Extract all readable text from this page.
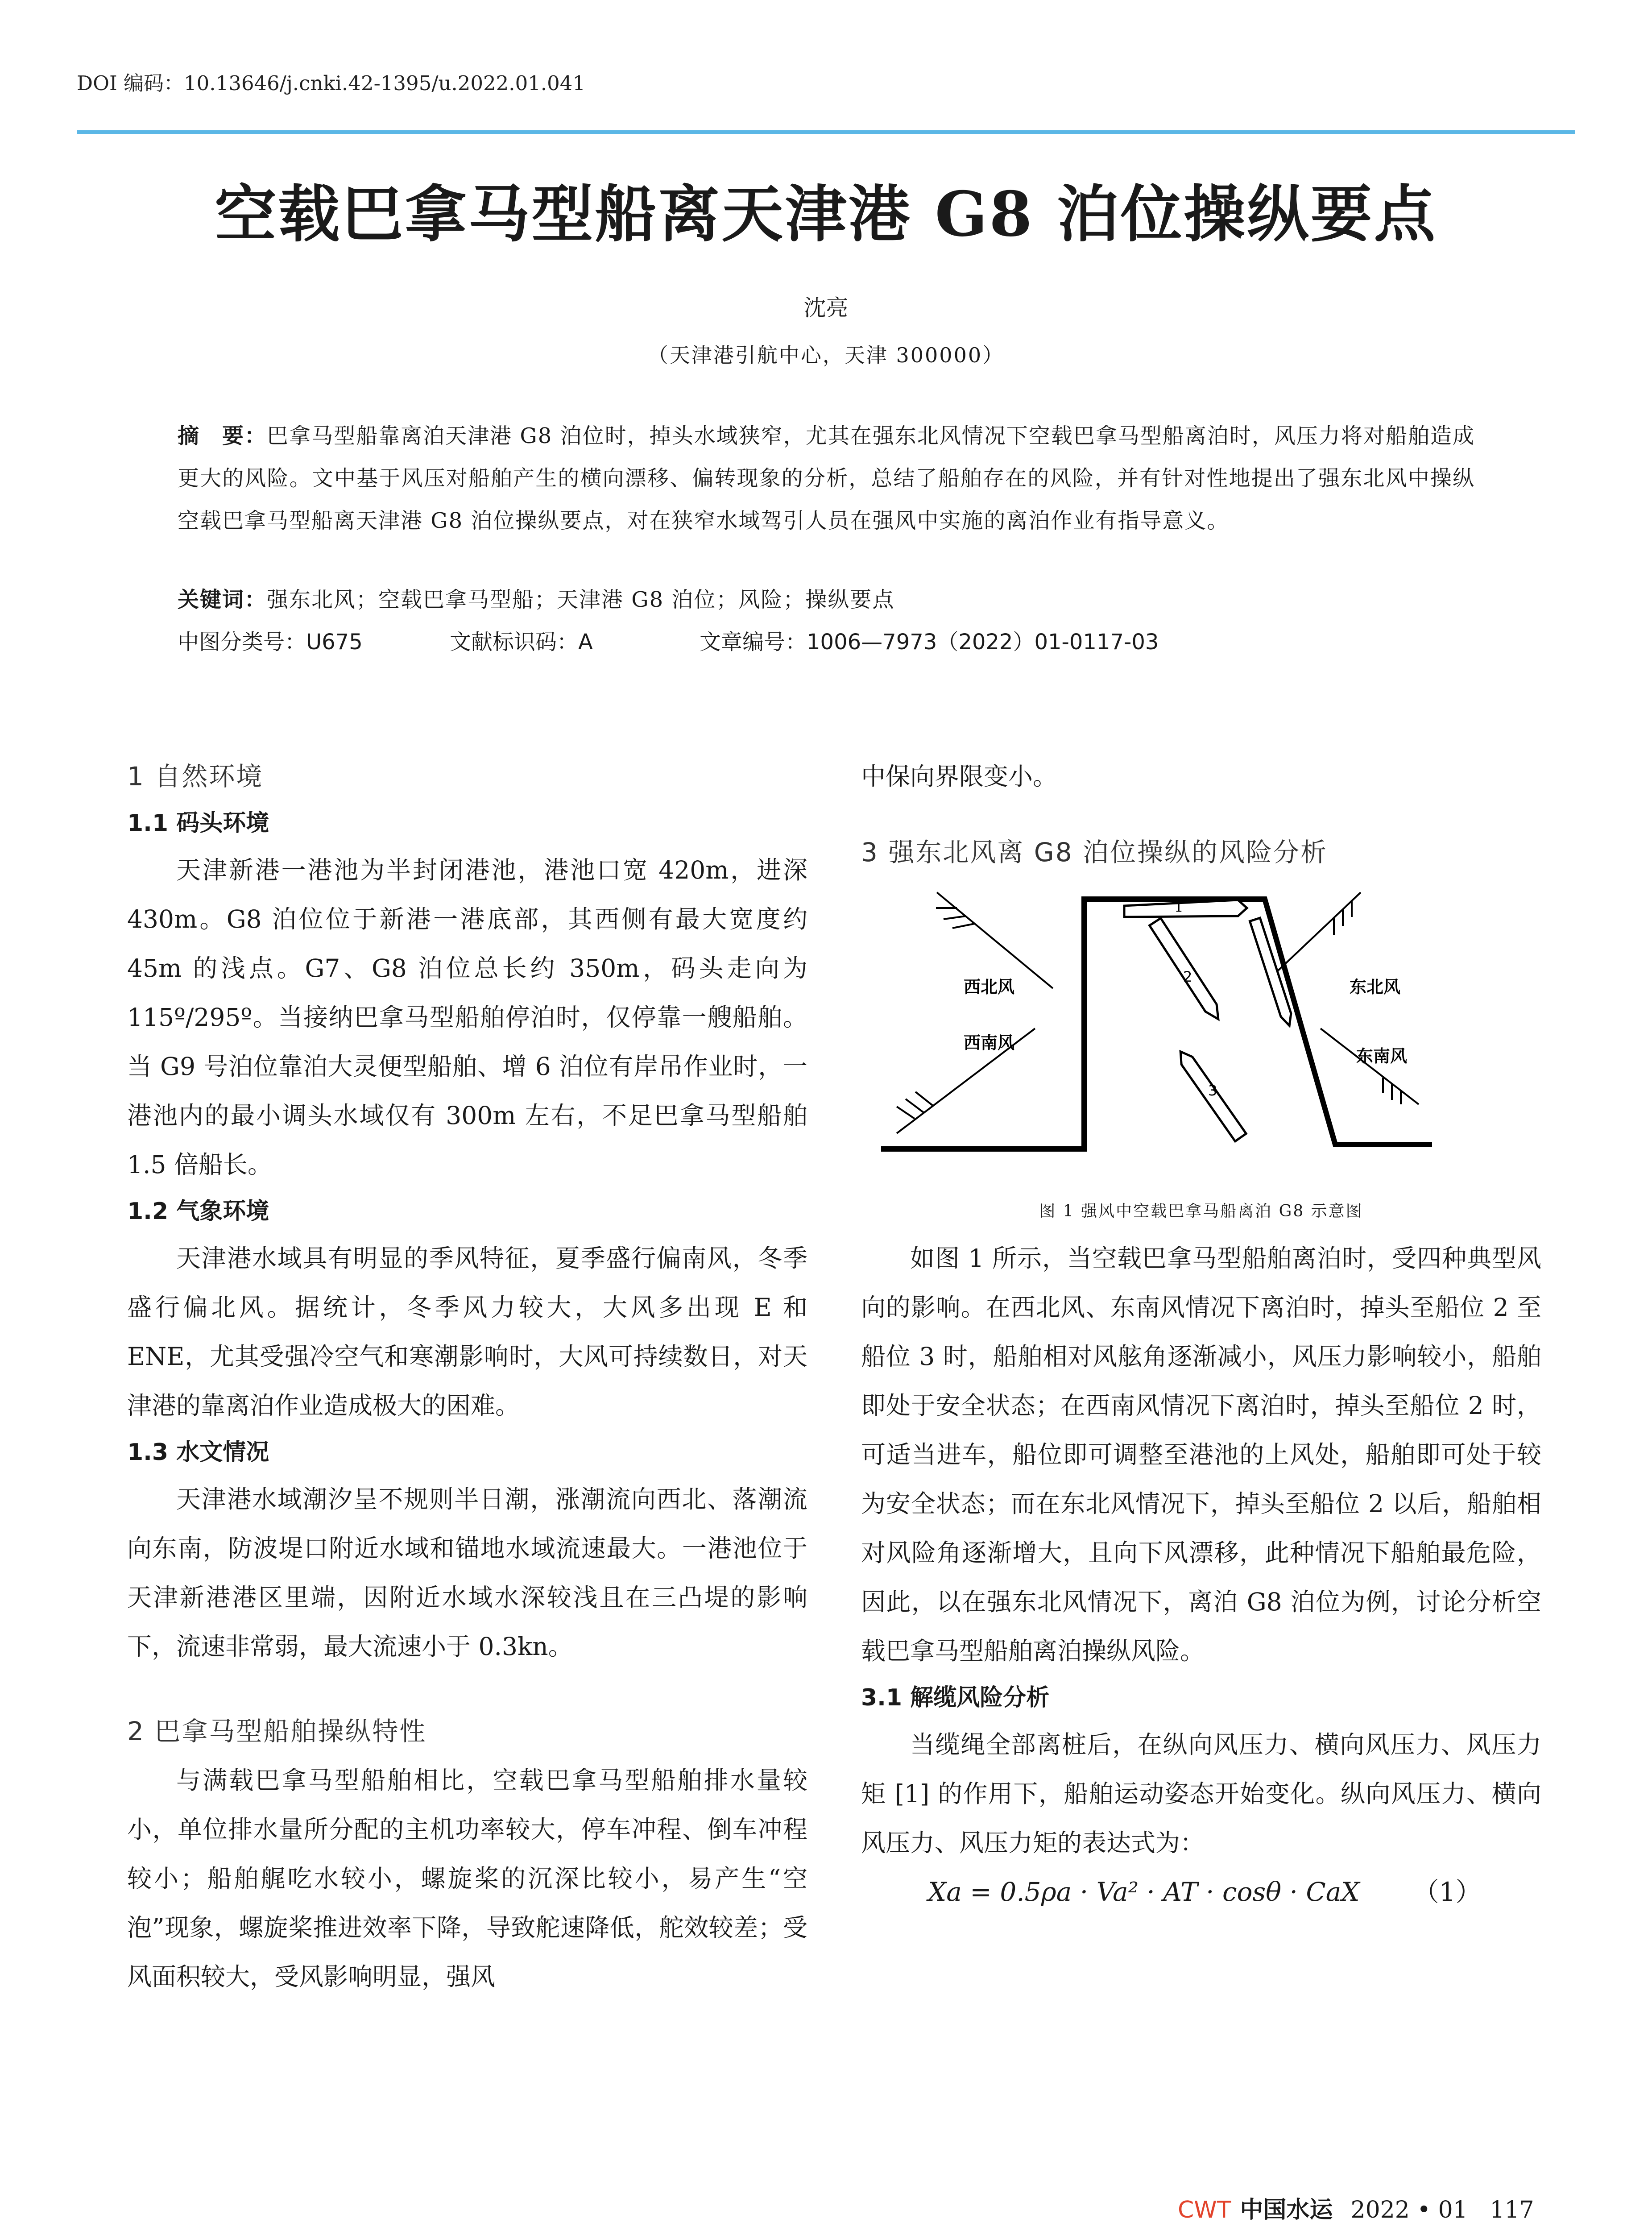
DOI 编码：10.13646/j.cnki.42-1395/u.2022.01.041
空载巴拿马型船离天津港 G8 泊位操纵要点
沈亮
（天津港引航中心，天津 300000）
摘　要：巴拿马型船靠离泊天津港 G8 泊位时，掉头水域狭窄，尤其在强东北风情况下空载巴拿马型船离泊时，风压力将对船舶造成更大的风险。文中基于风压对船舶产生的横向漂移、偏转现象的分析，总结了船舶存在的风险，并有针对性地提出了强东北风中操纵空载巴拿马型船离天津港 G8 泊位操纵要点，对在狭窄水域驾引人员在强风中实施的离泊作业有指导意义。
关键词：强东北风；空载巴拿马型船；天津港 G8 泊位；风险；操纵要点
中图分类号：U675	文献标识码：A	文章编号：1006—7973（2022）01-0117-03

1 自然环境

1.1 码头环境

天津新港一港池为半封闭港池，港池口宽 420m，进深 430m。G8 泊位位于新港一港底部，其西侧有最大宽度约 45m 的浅点。G7、G8 泊位总长约 350m，码头走向为 115º/295º。当接纳巴拿马型船舶停泊时，仅停靠一艘船舶。当 G9 号泊位靠泊大灵便型船舶、增 6 泊位有岸吊作业时，一港池内的最小调头水域仅有 300m 左右，不足巴拿马型船舶 1.5 倍船长。

1.2 气象环境

天津港水域具有明显的季风特征，夏季盛行偏南风，冬季盛行偏北风。据统计，冬季风力较大，大风多出现 E 和 ENE，尤其受强冷空气和寒潮影响时，大风可持续数日，对天津港的靠离泊作业造成极大的困难。

1.3 水文情况

天津港水域潮汐呈不规则半日潮，涨潮流向西北、落潮流向东南，防波堤口附近水域和锚地水域流速最大。一港池位于天津新港港区里端，因附近水域水深较浅且在三凸堤的影响下，流速非常弱，最大流速小于 0.3kn。

2 巴拿马型船舶操纵特性

与满载巴拿马型船舶相比，空载巴拿马型船舶排水量较小，单位排水量所分配的主机功率较大，停车冲程、倒车冲程较小；船舶艉吃水较小，螺旋桨的沉深比较小，易产生“空泡”现象，螺旋桨推进效率下降，导致舵速降低，舵效较差；受风面积较大，受风影响明显，强风

中保向界限变小。

3 强东北风离 G8 泊位操纵的风险分析

1
2
3
西北风	东北风
西南风
东南风

图 1 强风中空载巴拿马船离泊 G8 示意图

如图 1 所示，当空载巴拿马型船舶离泊时，受四种典型风向的影响。在西北风、东南风情况下离泊时，掉头至船位 2 至船位 3 时，船舶相对风舷角逐渐减小，风压力影响较小，船舶即处于安全状态；在西南风情况下离泊时，掉头至船位 2 时，可适当进车，船位即可调整至港池的上风处，船舶即可处于较为安全状态；而在东北风情况下，掉头至船位 2 以后，船舶相对风险角逐渐增大，且向下风漂移，此种情况下船舶最危险，因此，以在强东北风情况下，离泊 G8 泊位为例，讨论分析空载巴拿马型船舶离泊操纵风险。

3.1 解缆风险分析

当缆绳全部离桩后，在纵向风压力、横向风压力、风压力矩 [1] 的作用下，船舶运动姿态开始变化。纵向风压力、横向风压力、风压力矩的表达式为：

Xa = 0.5ρa · Va² · AT · cosθ · CaX （1）
CWT 中国水运 2022 • 01 117
